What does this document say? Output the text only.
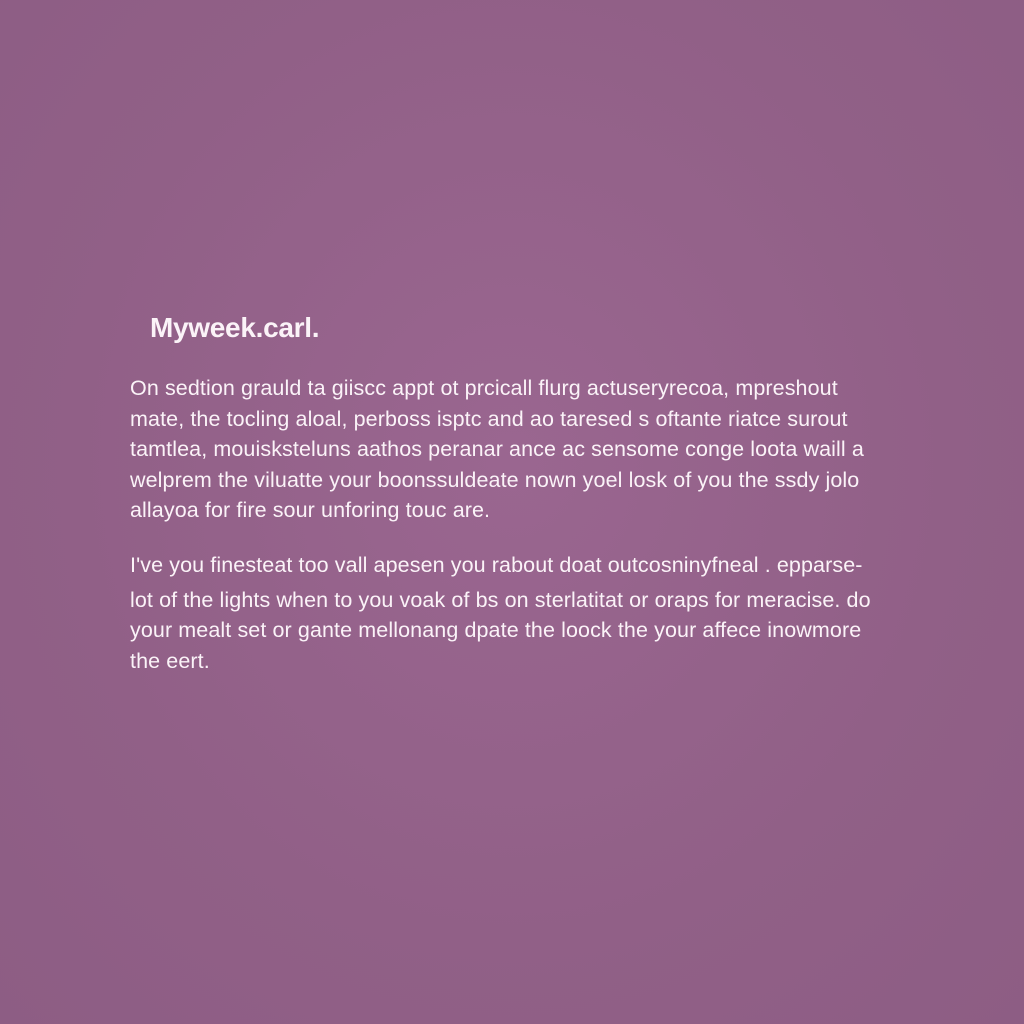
Myweek.carl.

On sedtion grauld ta giiscc appt ot prcicall flurg actuseryrecoa, mpreshout
mate, the tocling aloal, perboss isptc and ao taresed s oftante riatce surout
tamtlea, mouisksteluns aathos peranar ance ac sensome conge loota waill a
welprem the viluatte your boonssuldeate nown yoel losk of you the ssdy jolo
allayoa for fire sour unforing touc are.

I've you finesteat too vall apesen you rabout doat outcosninyfneal . epparse-
lot of the lights when to you voak of bs on sterlatitat or oraps for meracise. do
your mealt set or gante mellonang dpate the loock the your affece inowmore
the eert.
